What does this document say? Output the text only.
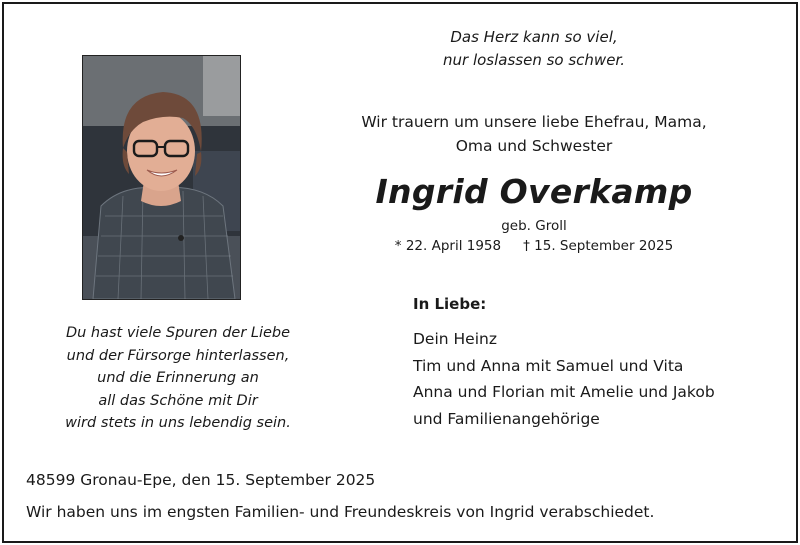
Das Herz kann so viel,
nur loslassen so schwer.
Wir trauern um unsere liebe Ehefrau, Mama,
Oma und Schwester
Ingrid Overkamp
geb. Groll
* 22. April 1958 † 15. September 2025
Du hast viele Spuren der Liebe
und der Fürsorge hinterlassen,
und die Erinnerung an
all das Schöne mit Dir
wird stets in uns lebendig sein.
In Liebe:
Dein Heinz
Tim und Anna mit Samuel und Vita
Anna und Florian mit Amelie und Jakob
und Familienangehörige
48599 Gronau-Epe, den 15. September 2025
Wir haben uns im engsten Familien- und Freundeskreis von Ingrid verabschiedet.
